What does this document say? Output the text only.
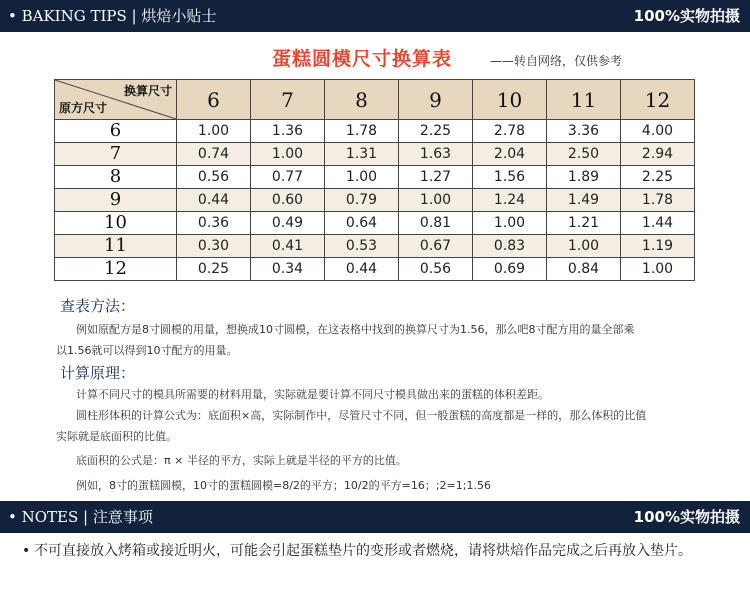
• BAKING TIPS | 烘焙小贴士	100%实物拍摄
蛋糕圆模尺寸换算表	——转自网络，仅供参考
换算尺寸
原方尺寸	6	7	8	9	10	11	12
6	1.00	1.36	1.78	2.25	2.78	3.36	4.00
7	0.74	1.00	1.31	1.63	2.04	2.50	2.94
8	0.56	0.77	1.00	1.27	1.56	1.89	2.25
9	0.44	0.60	0.79	1.00	1.24	1.49	1.78
10	0.36	0.49	0.64	0.81	1.00	1.21	1.44
11	0.30	0.41	0.53	0.67	0.83	1.00	1.19
12	0.25	0.34	0.44	0.56	0.69	0.84	1.00
查表方法：
例如原配方是8寸圆模的用量，想换成10寸圆模，在这表格中找到的换算尺寸为1.56，那么吧8寸配方用的量全部乘
以1.56就可以得到10寸配方的用量。
计算原理：
计算不同尺寸的模具所需要的材料用量，实际就是要计算不同尺寸模具做出来的蛋糕的体积差距。
圆柱形体积的计算公式为：底面积×高，实际制作中，尽管尺寸不同，但一般蛋糕的高度都是一样的，那么体积的比值
实际就是底面积的比值。
底面积的公式是：π × 半径的平方，实际上就是半径的平方的比值。
例如，8寸的蛋糕圆模，10寸的蛋糕圆模=8/2的平方；10/2的平方=16；;2=1;1.56
• NOTES | 注意事项	100%实物拍摄
• 不可直接放入烤箱或接近明火，可能会引起蛋糕垫片的变形或者燃烧，请将烘焙作品完成之后再放入垫片。
